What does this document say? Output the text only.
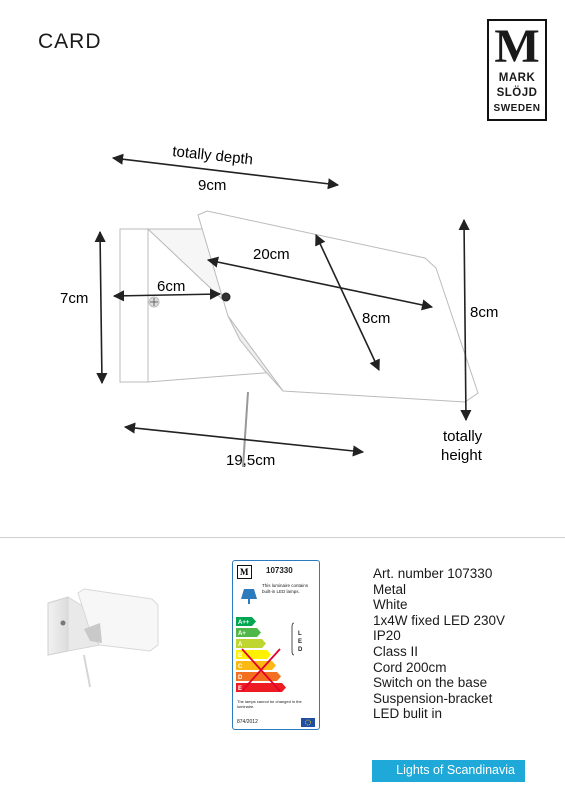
CARD	M
MARK
SLÖJD
SWEDEN
totally depth
9cm
20cm
6cm
7cm
8cm	8cm
19,5cm
totally
height
M 107330
This luminaire contains built-in LED lamps.
A++
A+
A
B
C
D
E
L
E
D
The lamps cannot be changed in the luminaire.
874/2012
Art. number 107330
Metal
White
1x4W fixed LED 230V
IP20
Class II
Cord 200cm
Switch on the base
Suspension-bracket
LED bulit in
Lights of Scandinavia
